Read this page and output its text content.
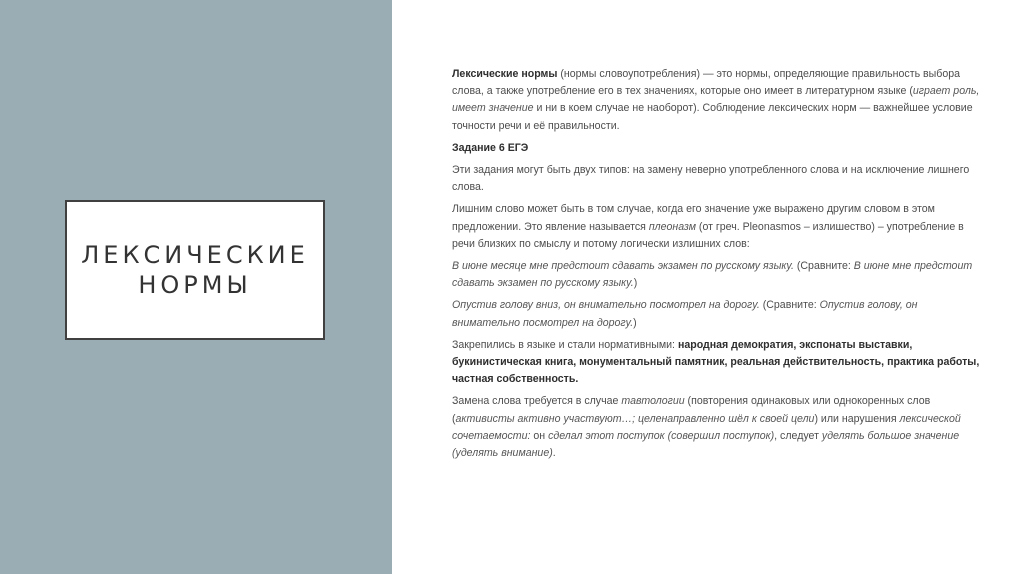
ЛЕКСИЧЕСКИЕ
НОРМЫ

Лексические нормы (нормы словоупотребления) — это нормы, определяющие правильность выбора слова, а также употребление его в тех значениях, которые оно имеет в литературном языке (играет роль, имеет значение и ни в коем случае не наоборот). Соблюдение лексических норм — важнейшее условие точности речи и её правильности.

Задание 6 ЕГЭ

Эти задания могут быть двух типов: на замену неверно употребленного слова и на исключение лишнего слова.

Лишним слово может быть в том случае, когда его значение уже выражено другим словом в этом предложении. Это явление называется плеоназм (от греч. Pleonasmos – излишество) – употребление в речи близких по смыслу и потому логически излишних слов:

В июне месяце мне предстоит сдавать экзамен по русскому языку. (Сравните: В июне мне предстоит сдавать экзамен по русскому языку.)

Опустив голову вниз, он внимательно посмотрел на дорогу. (Сравните: Опустив голову, он внимательно посмотрел на дорогу.)

Закрепились в языке и стали нормативными: народная демократия, экспонаты выставки, букинистическая книга, монументальный памятник, реальная действительность, практика работы, частная собственность.

Замена слова требуется в случае тавтологии (повторения одинаковых или однокоренных слов (активисты активно участвуют…; целенаправленно шёл к своей цели) или нарушения лексической сочетаемости: он сделал этот поступок (совершил поступок), следует уделять большое значение (уделять внимание).
